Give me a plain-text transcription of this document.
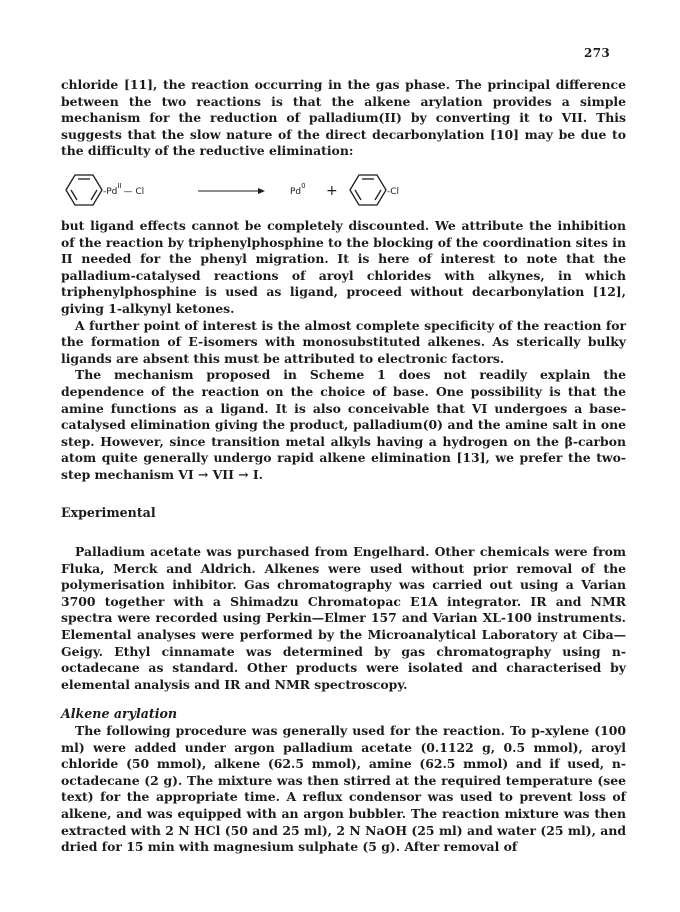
273

chloride [11], the reaction occurring in the gas phase. The principal difference between the two reactions is that the alkene arylation provides a simple mechanism for the reduction of palladium(II) by converting it to VII. This suggests that the slow nature of the direct decarbonylation [10] may be due to the difficulty of the reductive elimination:

$-Pd^{II}—$ Cl	$Pd^0$ +	-Cl

but ligand effects cannot be completely discounted. We attribute the inhibition of the reaction by triphenylphosphine to the blocking of the coordination sites in II needed for the phenyl migration. It is here of interest to note that the palladium-catalysed reactions of aroyl chlorides with alkynes, in which triphenylphosphine is used as ligand, proceed without decarbonylation [12], giving 1-alkynyl ketones.

A further point of interest is the almost complete specificity of the reaction for the formation of E-isomers with monosubstituted alkenes. As sterically bulky ligands are absent this must be attributed to electronic factors.

The mechanism proposed in Scheme 1 does not readily explain the dependence of the reaction on the choice of base. One possibility is that the amine functions as a ligand. It is also conceivable that VI undergoes a base-catalysed elimination giving the product, palladium(0) and the amine salt in one step. However, since transition metal alkyls having a hydrogen on the β-carbon atom quite generally undergo rapid alkene elimination [13], we prefer the two-step mechanism VI → VII → I.

Experimental

Palladium acetate was purchased from Engelhard. Other chemicals were from Fluka, Merck and Aldrich. Alkenes were used without prior removal of the polymerisation inhibitor. Gas chromatography was carried out using a Varian 3700 together with a Shimadzu Chromatopac E1A integrator. IR and NMR spectra were recorded using Perkin—Elmer 157 and Varian XL-100 instruments. Elemental analyses were performed by the Microanalytical Laboratory at Ciba—Geigy. Ethyl cinnamate was determined by gas chromatography using n-octadecane as standard. Other products were isolated and characterised by elemental analysis and IR and NMR spectroscopy.

Alkene arylation

The following procedure was generally used for the reaction. To p-xylene (100 ml) were added under argon palladium acetate (0.1122 g, 0.5 mmol), aroyl chloride (50 mmol), alkene (62.5 mmol), amine (62.5 mmol) and if used, n-octadecane (2 g). The mixture was then stirred at the required temperature (see text) for the appropriate time. A reflux condensor was used to prevent loss of alkene, and was equipped with an argon bubbler. The reaction mixture was then extracted with 2 N HCl (50 and 25 ml), 2 N NaOH (25 ml) and water (25 ml), and dried for 15 min with magnesium sulphate (5 g). After removal of
